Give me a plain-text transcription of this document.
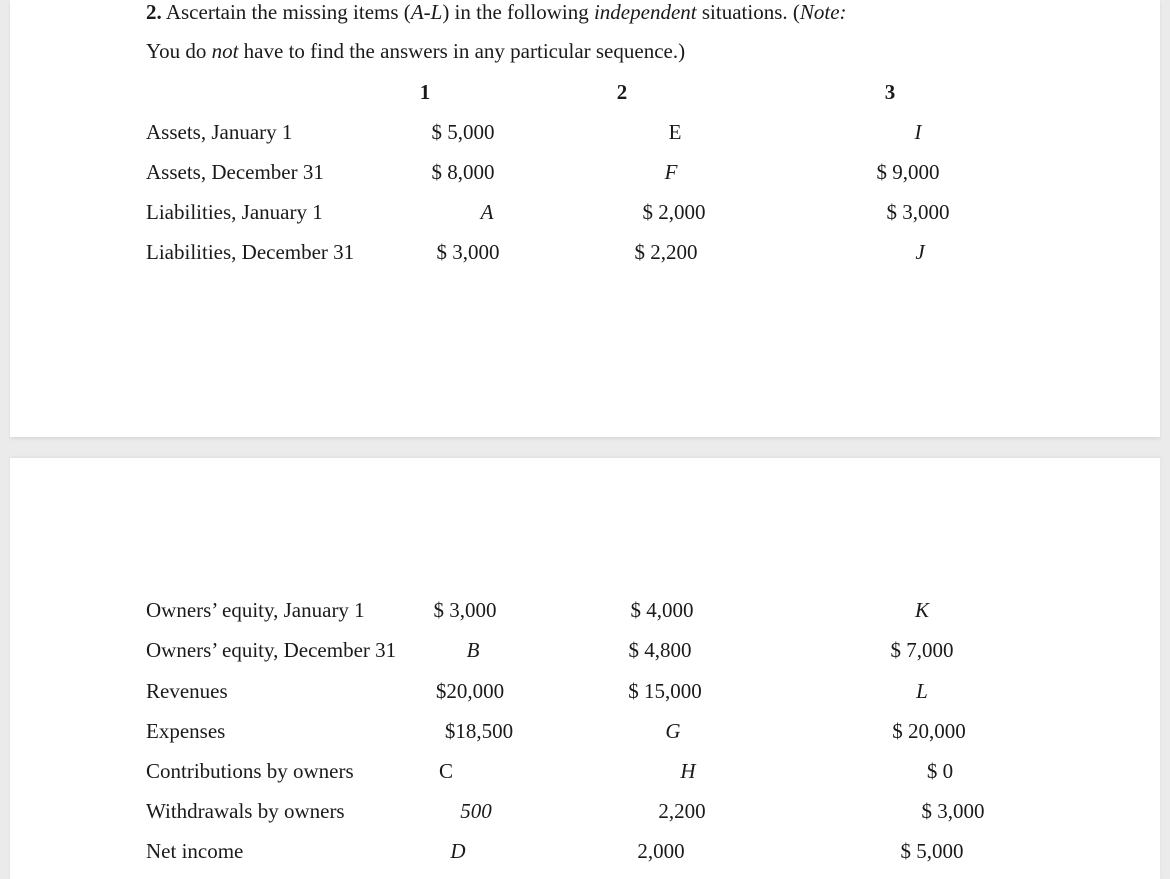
2. Ascertain the missing items (A-L) in the following independent situations. (Note:
You do not have to find the answers in any particular sequence.)
1	2	3
Assets, January 1	$ 5,000	E	I
Assets, December 31	$ 8,000	F	$ 9,000
Liabilities, January 1	A	$ 2,000	$ 3,000
Liabilities, December 31	$ 3,000	$ 2,200	J
Owners’ equity, January 1	$ 3,000	$ 4,000	K
Owners’ equity, December 31	B	$ 4,800	$ 7,000
Revenues	$20,000	$ 15,000	L
Expenses	$18,500	G	$ 20,000
Contributions by owners	C	H	$ 0
Withdrawals by owners	500	2,200	$ 3,000
Net income	D	2,000	$ 5,000
